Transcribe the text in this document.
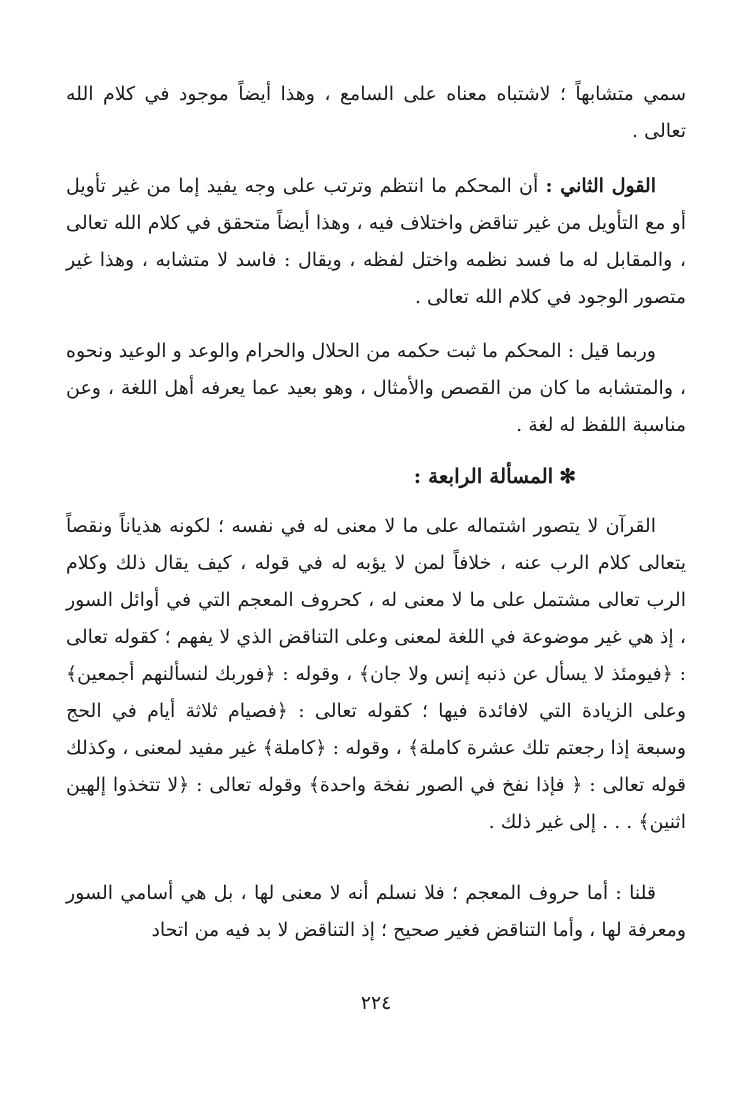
سمي متشابهاً ؛ لاشتباه معناه على السامع ، وهذا أيضاً موجود في كلام الله تعالى .

القول الثاني : أن المحكم ما انتظم وترتب على وجه يفيد إما من غير تأويل أو مع التأويل من غير تناقض واختلاف فيه ، وهذا أيضاً متحقق في كلام الله تعالى ، والمقابل له ما فسد نظمه واختل لفظه ، ويقال : فاسد لا متشابه ، وهذا غير متصور الوجود في كلام الله تعالى .

وربما قيل : المحكم ما ثبت حكمه من الحلال والحرام والوعد و الوعيد ونحوه ، والمتشابه ما كان من القصص والأمثال ، وهو بعيد عما يعرفه أهل اللغة ، وعن مناسبة اللفظ له لغة .

✻المسألة الرابعة :

القرآن لا يتصور اشتماله على ما لا معنى له في نفسه ؛ لكونه هذياناً ونقصاً يتعالى كلام الرب عنه ، خلافاً لمن لا يؤبه له في قوله ، كيف يقال ذلك وكلام الرب تعالى مشتمل على ما لا معنى له ، كحروف المعجم التي في أوائل السور ، إذ هي غير موضوعة في اللغة لمعنى وعلى التناقض الذي لا يفهم ؛ كقوله تعالى : ﴿فيومئذ لا يسأل عن ذنبه إنس ولا جان﴾ ، وقوله : ﴿فوربك لنسألنهم أجمعين﴾ وعلى الزيادة التي لافائدة فيها ؛ كقوله تعالى : ﴿فصيام ثلاثة أيام في الحج وسبعة إذا رجعتم تلك عشرة كاملة﴾ ، وقوله : ﴿كاملة﴾ غير مفيد لمعنى ، وكذلك قوله تعالى : ﴿ فإذا نفخ في الصور نفخة واحدة﴾ وقوله تعالى : ﴿لا تتخذوا إلهين اثنين﴾ . . . إلى غير ذلك .

قلنا : أما حروف المعجم ؛ فلا نسلم أنه لا معنى لها ، بل هي أسامي السور ومعرفة لها ، وأما التناقض فغير صحيح ؛ إذ التناقض لا بد فيه من اتحاد

٢٢٤
